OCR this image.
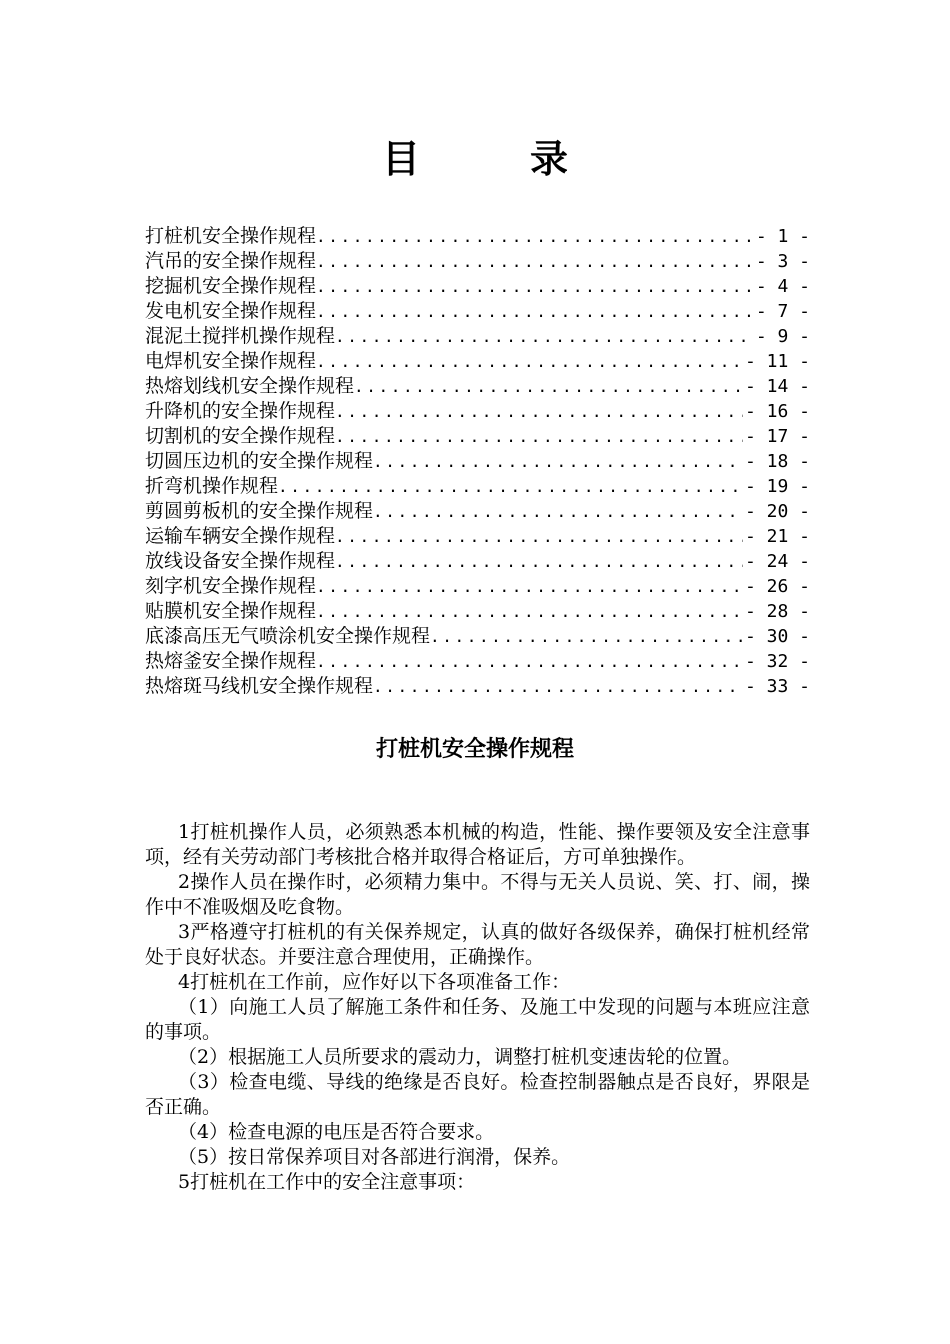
目	录
打桩机安全操作规程 .....	- 1 -
汽吊的安全操作规程 .....	- 3 -
挖掘机安全操作规程 .....	- 4 -
发电机安全操作规程 .....	- 7 -
混泥土搅拌机操作规程 .....	- 9 -
电焊机安全操作规程 .....	- 11 -
热熔划线机安全操作规程 .....	- 14 -
升降机的安全操作规程 .....	- 16 -
切割机的安全操作规程 .....	- 17 -
切圆压边机的安全操作规程 .....	- 18 -
折弯机操作规程 .....	- 19 -
剪圆剪板机的安全操作规程 .....	- 20 -
运输车辆安全操作规程 .....	- 21 -
放线设备安全操作规程 .....	- 24 -
刻字机安全操作规程 .....	- 26 -
贴膜机安全操作规程 .....	- 28 -
底漆高压无气喷涂机安全操作规程 .....	- 30 -
热熔釜安全操作规程 .....	- 32 -
热熔斑马线机安全操作规程 .....	- 33 -
打桩机安全操作规程

1打桩机操作人员，必须熟悉本机械的构造，性能、操作要领及安全注意事项，经有关劳动部门考核批合格并取得合格证后，方可单独操作。

2操作人员在操作时，必须精力集中。不得与无关人员说、笑、打、闹，操作中不准吸烟及吃食物。

3严格遵守打桩机的有关保养规定，认真的做好各级保养，确保打桩机经常处于良好状态。并要注意合理使用，正确操作。

4打桩机在工作前，应作好以下各项准备工作：

（1）向施工人员了解施工条件和任务、及施工中发现的问题与本班应注意的事项。

（2）根据施工人员所要求的震动力，调整打桩机变速齿轮的位置。

（3）检查电缆、导线的绝缘是否良好。检查控制器触点是否良好，界限是否正确。

（4）检查电源的电压是否符合要求。

（5）按日常保养项目对各部进行润滑，保养。

5打桩机在工作中的安全注意事项：
